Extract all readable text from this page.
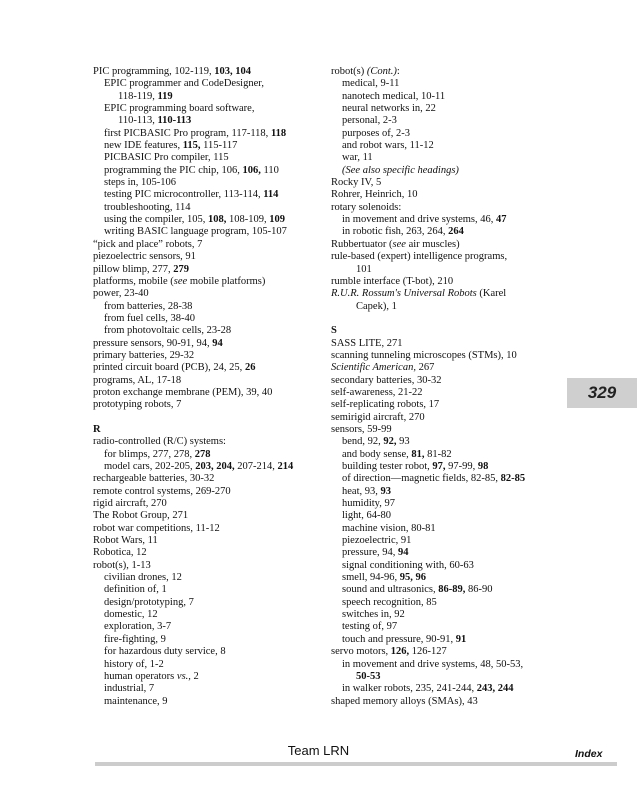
PIC programming, 102-119, 103, 104
EPIC programmer and CodeDesigner,
118-119, 119
EPIC programming board software,
110-113, 110-113
first PICBASIC Pro program, 117-118, 118
new IDE features, 115, 115-117
PICBASIC Pro compiler, 115
programming the PIC chip, 106, 106, 110
steps in, 105-106
testing PIC microcontroller, 113-114, 114
troubleshooting, 114
using the compiler, 105, 108, 108-109, 109
writing BASIC language program, 105-107
“pick and place” robots, 7
piezoelectric sensors, 91
pillow blimp, 277, 279
platforms, mobile (see mobile platforms)
power, 23-40
from batteries, 28-38
from fuel cells, 38-40
from photovoltaic cells, 23-28
pressure sensors, 90-91, 94, 94
primary batteries, 29-32
printed circuit board (PCB), 24, 25, 26
programs, AL, 17-18
proton exchange membrane (PEM), 39, 40
prototyping robots, 7
R
radio-controlled (R/C) systems:
for blimps, 277, 278, 278
model cars, 202-205, 203, 204, 207-214, 214
rechargeable batteries, 30-32
remote control systems, 269-270
rigid aircraft, 270
The Robot Group, 271
robot war competitions, 11-12
Robot Wars, 11
Robotica, 12
robot(s), 1-13
civilian drones, 12
definition of, 1
design/prototyping, 7
domestic, 12
exploration, 3-7
fire-fighting, 9
for hazardous duty service, 8
history of, 1-2
human operators vs., 2
industrial, 7
maintenance, 9
robot(s) (Cont.):
medical, 9-11
nanotech medical, 10-11
neural networks in, 22
personal, 2-3
purposes of, 2-3
and robot wars, 11-12
war, 11
(See also specific headings)
Rocky IV, 5
Rohrer, Heinrich, 10
rotary solenoids:
in movement and drive systems, 46, 47
in robotic fish, 263, 264, 264
Rubbertuator (see air muscles)
rule-based (expert) intelligence programs,
101
rumble interface (T-bot), 210
R.U.R. Rossum's Universal Robots (Karel
Capek), 1
S
SASS LITE, 271
scanning tunneling microscopes (STMs), 10
Scientific American, 267
secondary batteries, 30-32
self-awareness, 21-22
self-replicating robots, 17
semirigid aircraft, 270
sensors, 59-99
bend, 92, 92, 93
and body sense, 81, 81-82
building tester robot, 97, 97-99, 98
of direction—magnetic fields, 82-85, 82-85
heat, 93, 93
humidity, 97
light, 64-80
machine vision, 80-81
piezoelectric, 91
pressure, 94, 94
signal conditioning with, 60-63
smell, 94-96, 95, 96
sound and ultrasonics, 86-89, 86-90
speech recognition, 85
switches in, 92
testing of, 97
touch and pressure, 90-91, 91
servo motors, 126, 126-127
in movement and drive systems, 48, 50-53,
50-53
in walker robots, 235, 241-244, 243, 244
shaped memory alloys (SMAs), 43
329
Team LRN	Index
